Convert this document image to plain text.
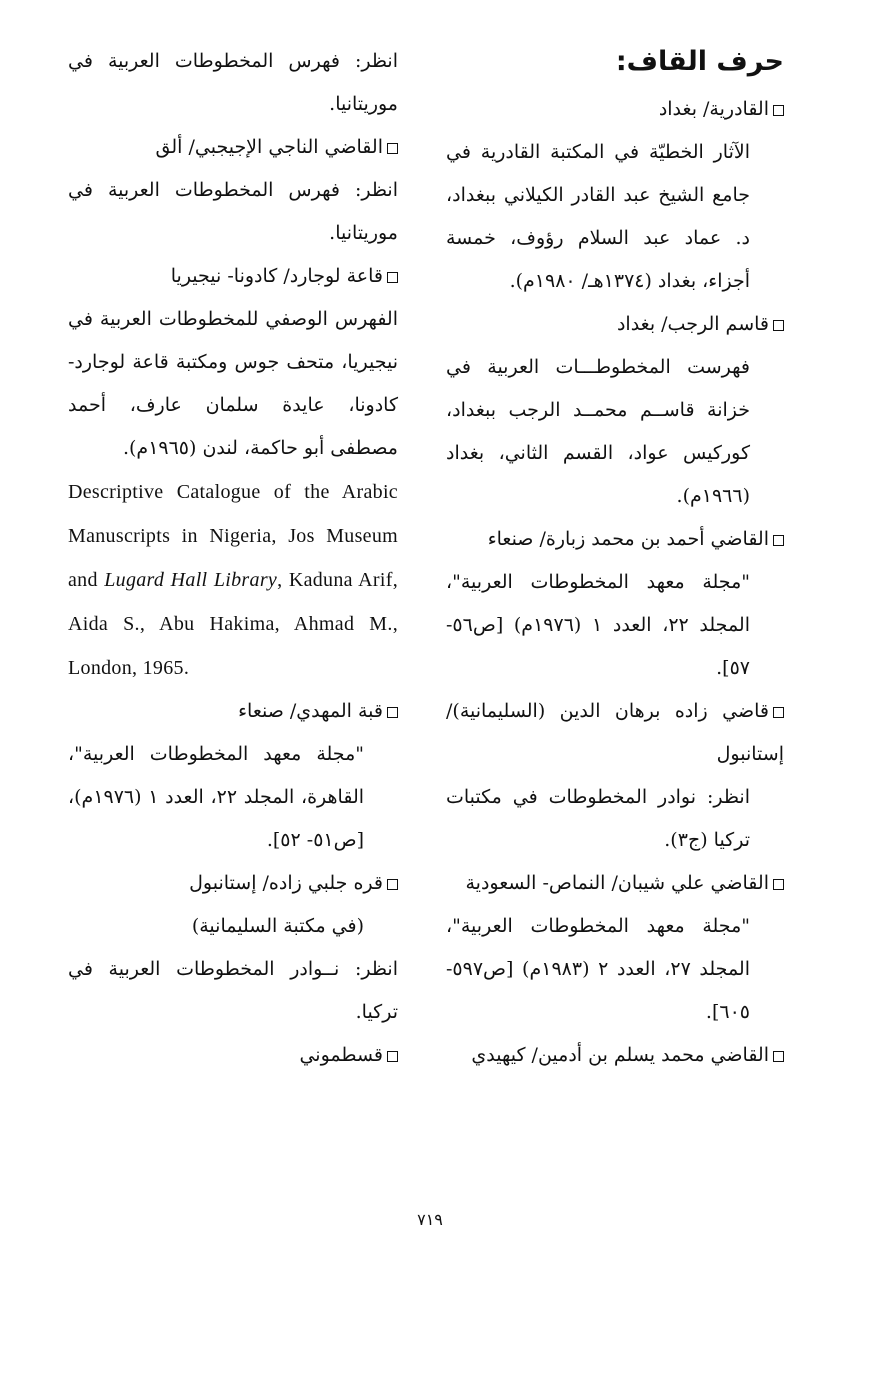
حرف القاف:
القادرية/ بغداد
الآثار الخطيّة في المكتبة القادرية في جامع الشيخ عبد القادر الكيلاني ببغداد، د. عماد عبد السلام رؤوف، خمسة أجزاء، بغداد (١٣٧٤هـ/ ١٩٨٠م).
قاسم الرجب/ بغداد
فهرست المخطوطـــات العربية في خزانة قاســم محمــد الرجب ببغداد، كوركيس عواد، القسم الثاني، بغداد (١٩٦٦م).
القاضي أحمد بن محمد زبارة/ صنعاء
"مجلة معهد المخطوطات العربية"، المجلد ٢٢، العدد ١ (١٩٧٦م) [ص٥٦- ٥٧].
قاضي زاده برهان الدين (السليمانية)/ إستانبول
انظر: نوادر المخطوطات في مكتبات تركيا (ج٣).
القاضي علي شيبان/ النماص- السعودية
"مجلة معهد المخطوطات العربية"، المجلد ٢٧، العدد ٢ (١٩٨٣م) [ص٥٩٧- ٦٠٥].
القاضي محمد يسلم بن أدمين/ كيهيدي
انظر: فهرس المخطوطات العربية في موريتانيا.
القاضي الناجي الإجيجبي/ ألق
انظر: فهرس المخطوطات العربية في موريتانيا.
قاعة لوجارد/ كادونا- نيجيريا
الفهرس الوصفي للمخطوطات العربية في نيجيريا، متحف جوس ومكتبة قاعة لوجارد- كادونا، عايدة سلمان عارف، أحمد مصطفى أبو حاكمة، لندن (١٩٦٥م).
Descriptive Catalogue of the Arabic Manuscripts in Nigeria, Jos Museum and Lugard Hall Library, Kaduna Arif, Aida S., Abu Hakima, Ahmad M., London, 1965.
قبة المهدي/ صنعاء
"مجلة معهد المخطوطات العربية"، القاهرة، المجلد ٢٢، العدد ١ (١٩٧٦م)، [ص٥١- ٥٢].
قره جلبي زاده/ إستانبول
(في مكتبة السليمانية)
انظر: نــوادر المخطوطات العربية في تركيا.
قسطموني
٧١٩
